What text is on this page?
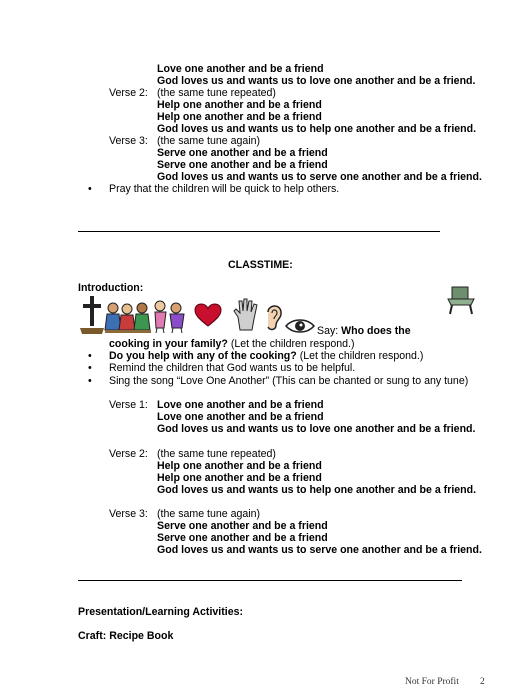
Love one another and be a friend
God loves us and wants us to love one another and be a friend.
Verse 2: (the same tune repeated)
Help one another and be a friend
Help one another and be a friend
God loves us and wants us to help one another and be a friend.
Verse 3: (the same tune again)
Serve one another and be a friend
Serve one another and be a friend
God loves us and wants us to serve one another and be a friend.
• Pray that the children will be quick to help others.
CLASSTIME:
Introduction:
Say: Who does the
cooking in your family? (Let the children respond.)
• Do you help with any of the cooking? (Let the children respond.)
• Remind the children that God wants us to be helpful.
• Sing the song “Love One Another” (This can be chanted or sung to any tune)
Verse 1: Love one another and be a friend
Love one another and be a friend
God loves us and wants us to love one another and be a friend.
Verse 2: (the same tune repeated)
Help one another and be a friend
Help one another and be a friend
God loves us and wants us to help one another and be a friend.
Verse 3: (the same tune again)
Serve one another and be a friend
Serve one another and be a friend
God loves us and wants us to serve one another and be a friend.
Presentation/Learning Activities:
Craft: Recipe Book
Not For Profit 2
